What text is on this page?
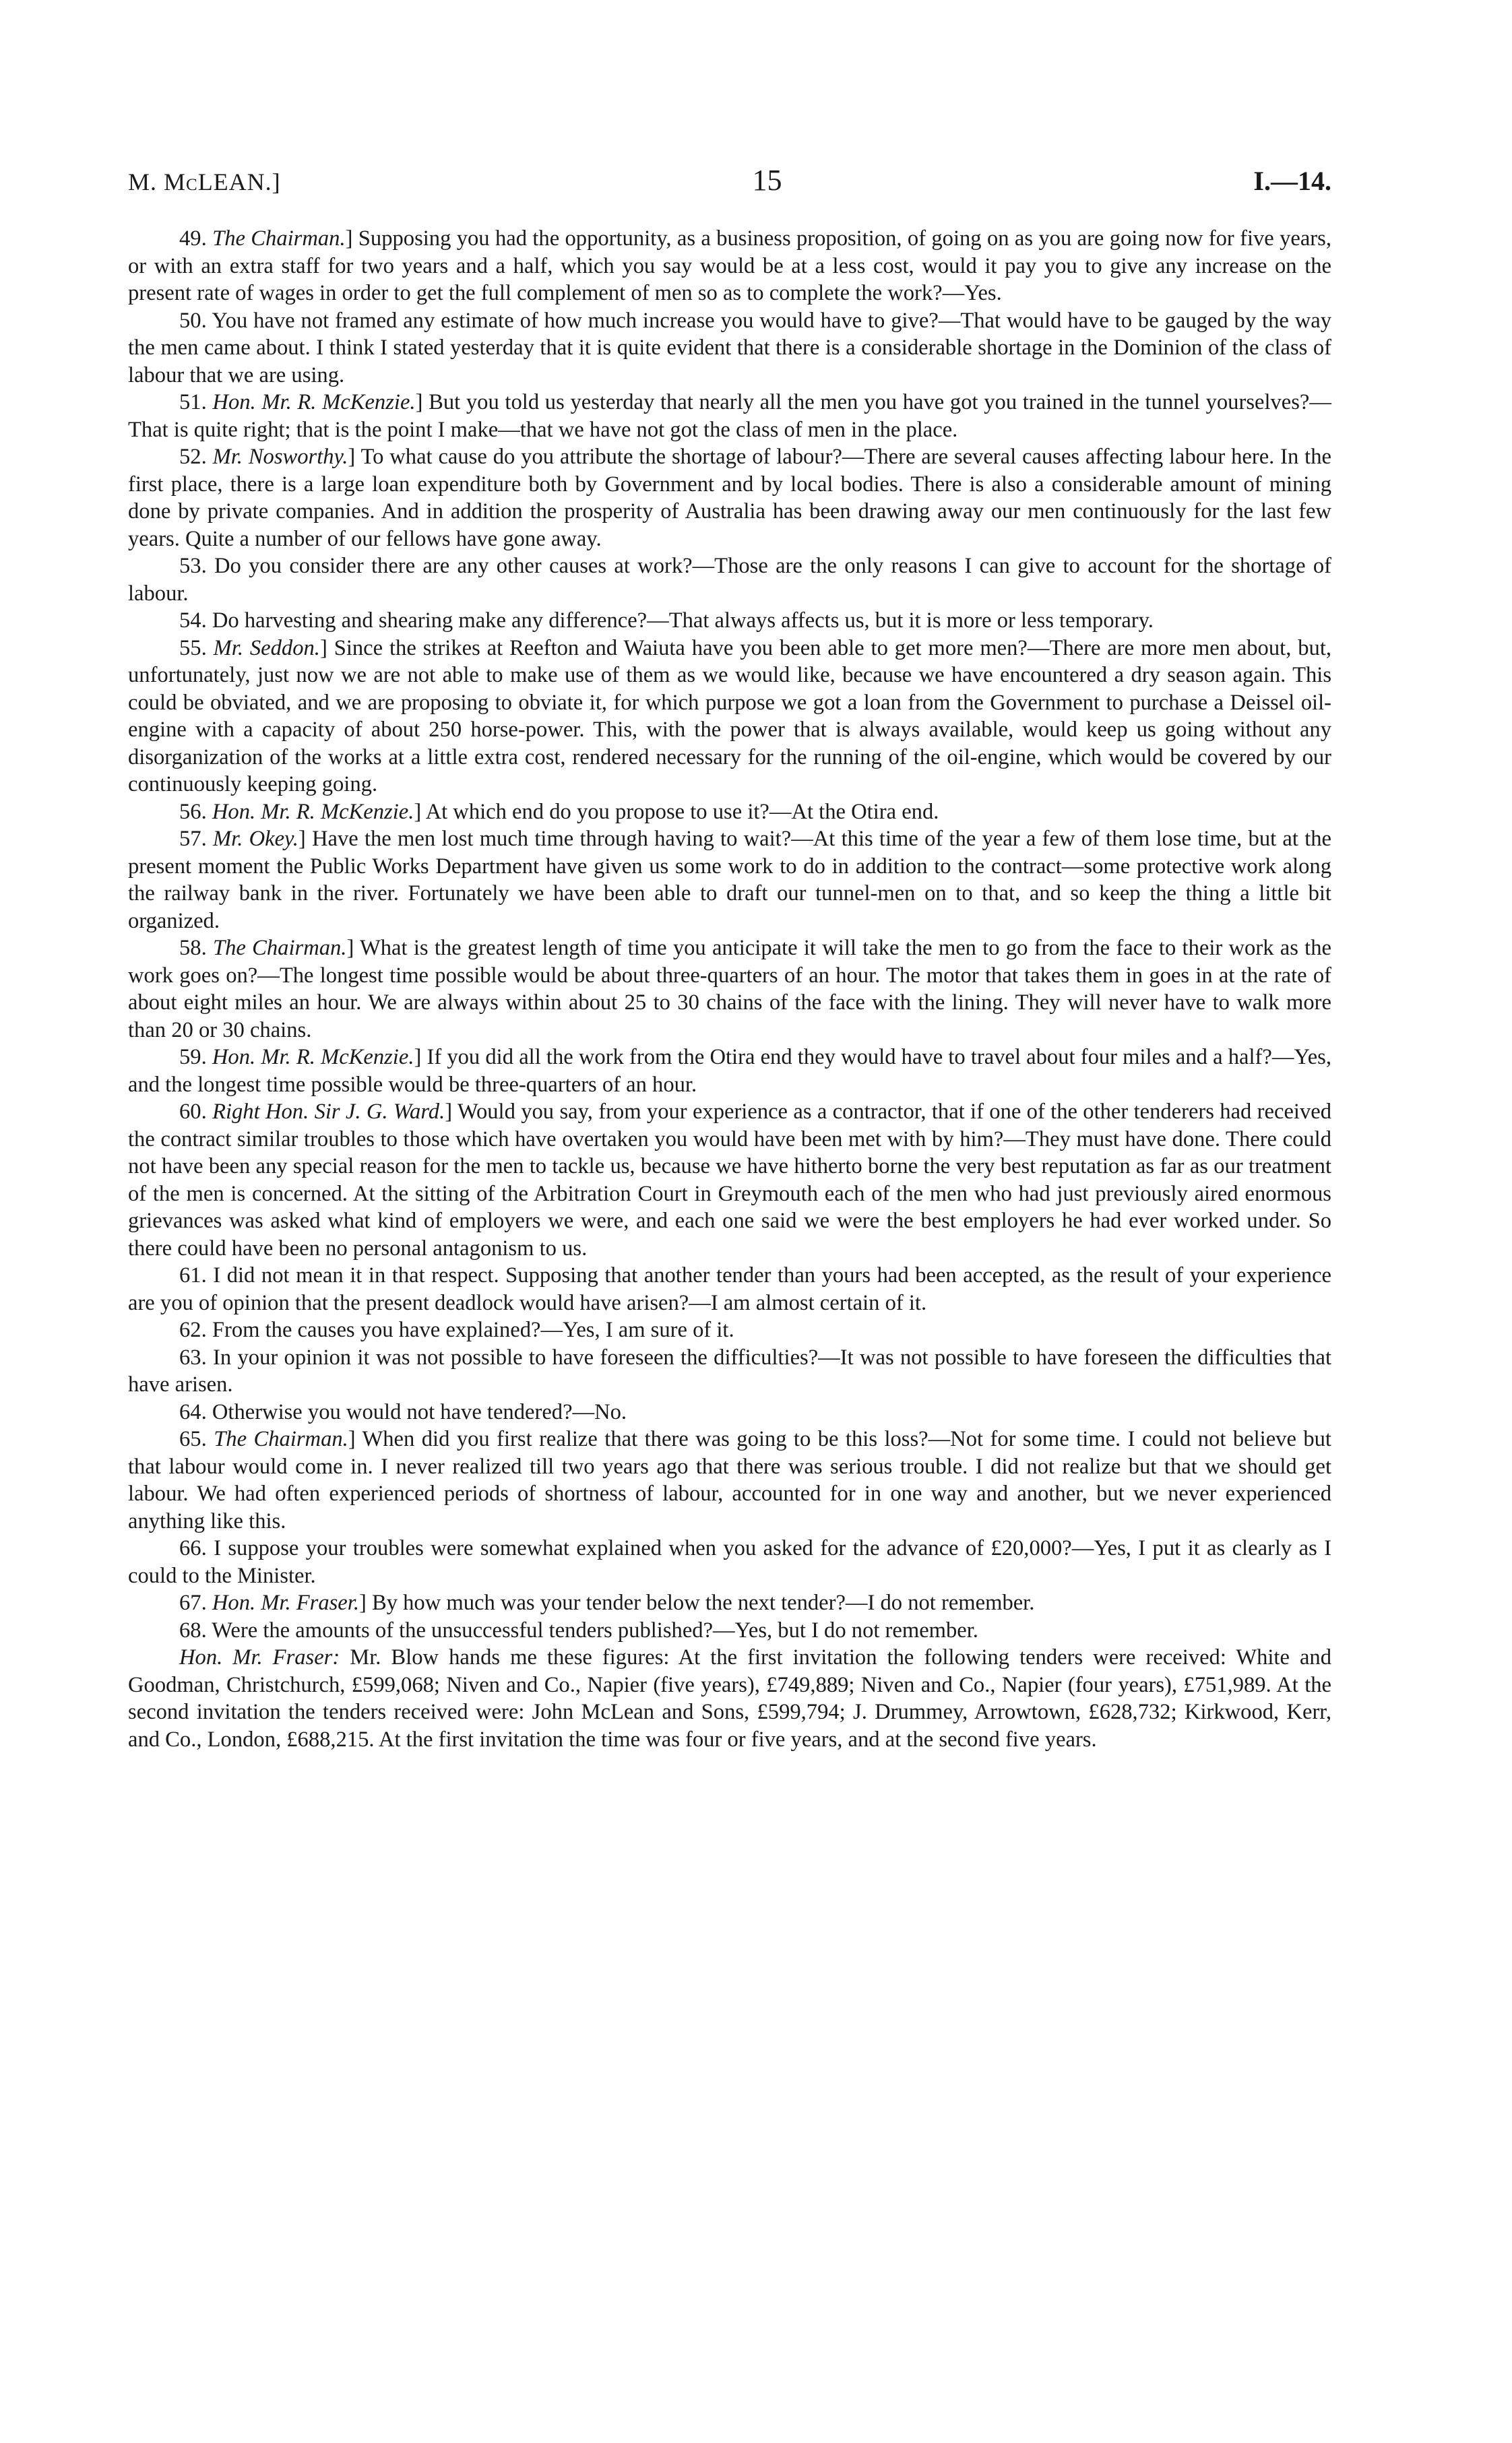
M. McLEAN.]	15	I.—14.

49. The Chairman.] Supposing you had the opportunity, as a business proposition, of going on as you are going now for five years, or with an extra staff for two years and a half, which you say would be at a less cost, would it pay you to give any increase on the present rate of wages in order to get the full complement of men so as to complete the work?—Yes.

50. You have not framed any estimate of how much increase you would have to give?—That would have to be gauged by the way the men came about. I think I stated yesterday that it is quite evident that there is a considerable shortage in the Dominion of the class of labour that we are using.

51. Hon. Mr. R. McKenzie.] But you told us yesterday that nearly all the men you have got you trained in the tunnel yourselves?—That is quite right; that is the point I make—that we have not got the class of men in the place.

52. Mr. Nosworthy.] To what cause do you attribute the shortage of labour?—There are several causes affecting labour here. In the first place, there is a large loan expenditure both by Government and by local bodies. There is also a considerable amount of mining done by private companies. And in addition the prosperity of Australia has been drawing away our men continuously for the last few years. Quite a number of our fellows have gone away.

53. Do you consider there are any other causes at work?—Those are the only reasons I can give to account for the shortage of labour.

54. Do harvesting and shearing make any difference?—That always affects us, but it is more or less temporary.

55. Mr. Seddon.] Since the strikes at Reefton and Waiuta have you been able to get more men?—There are more men about, but, unfortunately, just now we are not able to make use of them as we would like, because we have encountered a dry season again. This could be obviated, and we are proposing to obviate it, for which purpose we got a loan from the Government to purchase a Deissel oil-engine with a capacity of about 250 horse-power. This, with the power that is always available, would keep us going without any disorganization of the works at a little extra cost, rendered necessary for the running of the oil-engine, which would be covered by our continuously keeping going.

56. Hon. Mr. R. McKenzie.] At which end do you propose to use it?—At the Otira end.

57. Mr. Okey.] Have the men lost much time through having to wait?—At this time of the year a few of them lose time, but at the present moment the Public Works Department have given us some work to do in addition to the contract—some protective work along the railway bank in the river. Fortunately we have been able to draft our tunnel-men on to that, and so keep the thing a little bit organized.

58. The Chairman.] What is the greatest length of time you anticipate it will take the men to go from the face to their work as the work goes on?—The longest time possible would be about three-quarters of an hour. The motor that takes them in goes in at the rate of about eight miles an hour. We are always within about 25 to 30 chains of the face with the lining. They will never have to walk more than 20 or 30 chains.

59. Hon. Mr. R. McKenzie.] If you did all the work from the Otira end they would have to travel about four miles and a half?—Yes, and the longest time possible would be three-quarters of an hour.

60. Right Hon. Sir J. G. Ward.] Would you say, from your experience as a contractor, that if one of the other tenderers had received the contract similar troubles to those which have overtaken you would have been met with by him?—They must have done. There could not have been any special reason for the men to tackle us, because we have hitherto borne the very best reputation as far as our treatment of the men is concerned. At the sitting of the Arbitration Court in Greymouth each of the men who had just previously aired enormous grievances was asked what kind of employers we were, and each one said we were the best employers he had ever worked under. So there could have been no personal antagonism to us.

61. I did not mean it in that respect. Supposing that another tender than yours had been accepted, as the result of your experience are you of opinion that the present deadlock would have arisen?—I am almost certain of it.

62. From the causes you have explained?—Yes, I am sure of it.

63. In your opinion it was not possible to have foreseen the difficulties?—It was not possible to have foreseen the difficulties that have arisen.

64. Otherwise you would not have tendered?—No.

65. The Chairman.] When did you first realize that there was going to be this loss?—Not for some time. I could not believe but that labour would come in. I never realized till two years ago that there was serious trouble. I did not realize but that we should get labour. We had often experienced periods of shortness of labour, accounted for in one way and another, but we never experienced anything like this.

66. I suppose your troubles were somewhat explained when you asked for the advance of £20,000?—Yes, I put it as clearly as I could to the Minister.

67. Hon. Mr. Fraser.] By how much was your tender below the next tender?—I do not remember.

68. Were the amounts of the unsuccessful tenders published?—Yes, but I do not remember.

Hon. Mr. Fraser: Mr. Blow hands me these figures: At the first invitation the following tenders were received: White and Goodman, Christchurch, £599,068; Niven and Co., Napier (five years), £749,889; Niven and Co., Napier (four years), £751,989. At the second invitation the tenders received were: John McLean and Sons, £599,794; J. Drummey, Arrowtown, £628,732; Kirkwood, Kerr, and Co., London, £688,215. At the first invitation the time was four or five years, and at the second five years.
